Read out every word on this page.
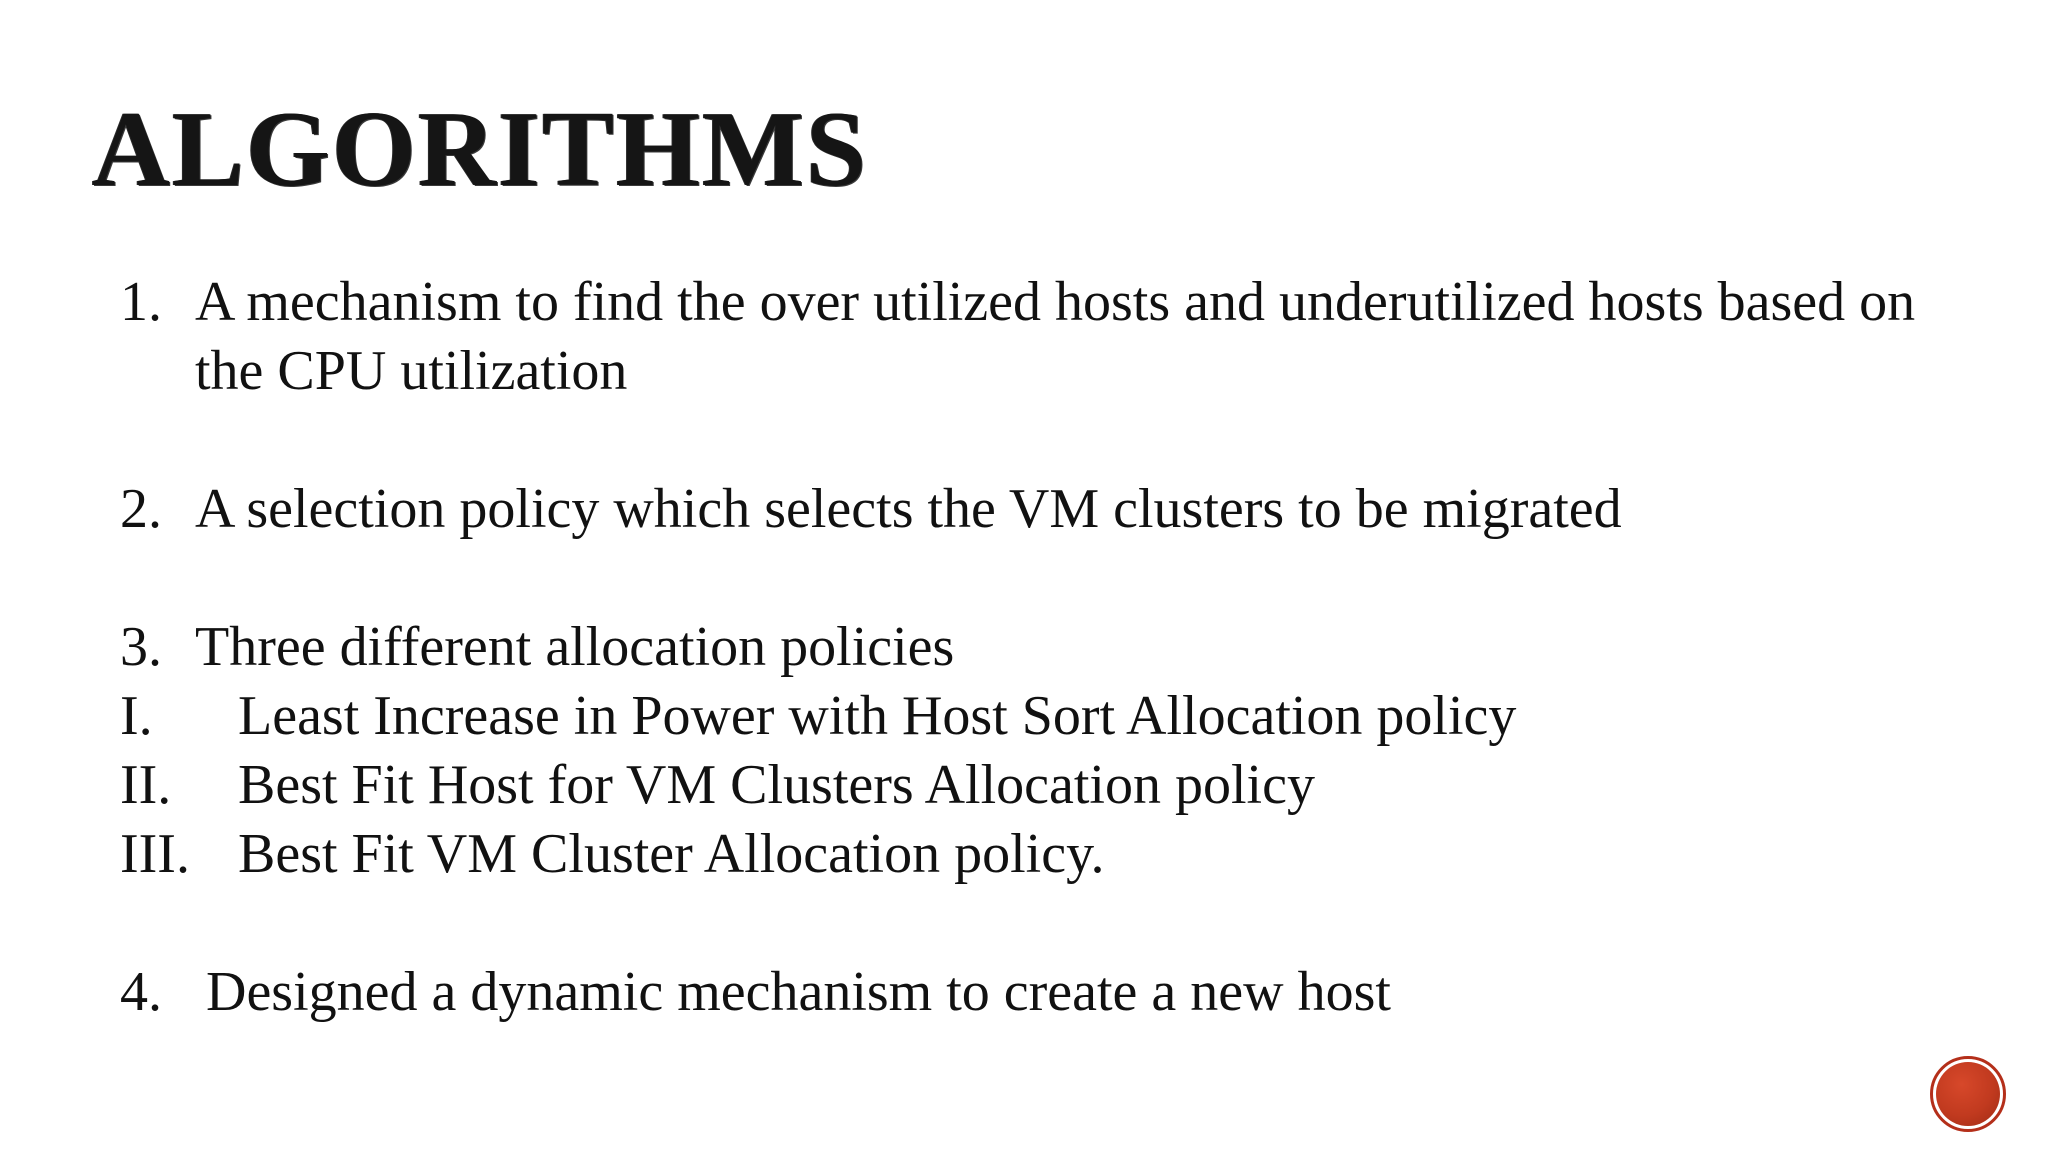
ALGORITHMS
1. A mechanism to find the over utilized hosts and underutilized hosts based on
the CPU utilization
2. A selection policy which selects the VM clusters to be migrated
3. Three different allocation policies
I.	Least Increase in Power with Host Sort Allocation policy
II.	Best Fit Host for VM Clusters Allocation policy
III. Best Fit VM Cluster Allocation policy.
4. Designed a dynamic mechanism to create a new host
